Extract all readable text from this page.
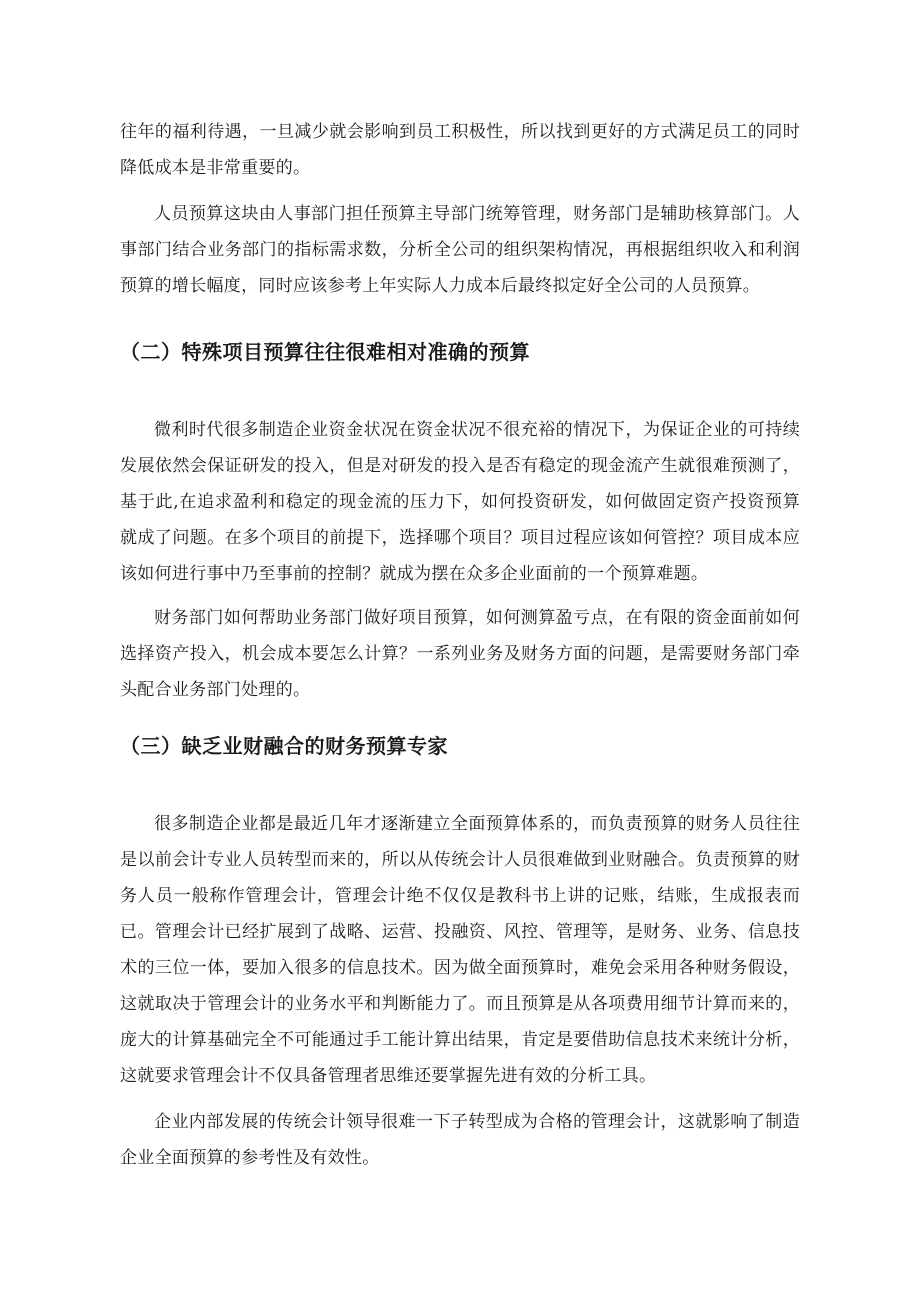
往年的福利待遇，一旦减少就会影响到员工积极性，所以找到更好的方式满足员工的同时降低成本是非常重要的。

人员预算这块由人事部门担任预算主导部门统筹管理，财务部门是辅助核算部门。人事部门结合业务部门的指标需求数，分析全公司的组织架构情况，再根据组织收入和利润预算的增长幅度，同时应该参考上年实际人力成本后最终拟定好全公司的人员预算。

（二）特殊项目预算往往很难相对准确的预算

微利时代很多制造企业资金状况在资金状况不很充裕的情况下，为保证企业的可持续发展依然会保证研发的投入，但是对研发的投入是否有稳定的现金流产生就很难预测了，基于此,在追求盈利和稳定的现金流的压力下，如何投资研发，如何做固定资产投资预算就成了问题。在多个项目的前提下，选择哪个项目？项目过程应该如何管控？项目成本应该如何进行事中乃至事前的控制？就成为摆在众多企业面前的一个预算难题。

财务部门如何帮助业务部门做好项目预算，如何测算盈亏点，在有限的资金面前如何选择资产投入，机会成本要怎么计算？一系列业务及财务方面的问题，是需要财务部门牵头配合业务部门处理的。

（三）缺乏业财融合的财务预算专家

很多制造企业都是最近几年才逐渐建立全面预算体系的，而负责预算的财务人员往往是以前会计专业人员转型而来的，所以从传统会计人员很难做到业财融合。负责预算的财务人员一般称作管理会计，管理会计绝不仅仅是教科书上讲的记账，结账，生成报表而已。管理会计已经扩展到了战略、运营、投融资、风控、管理等，是财务、业务、信息技术的三位一体，要加入很多的信息技术。因为做全面预算时，难免会采用各种财务假设，这就取决于管理会计的业务水平和判断能力了。而且预算是从各项费用细节计算而来的，庞大的计算基础完全不可能通过手工能计算出结果，肯定是要借助信息技术来统计分析，这就要求管理会计不仅具备管理者思维还要掌握先进有效的分析工具。

企业内部发展的传统会计领导很难一下子转型成为合格的管理会计，这就影响了制造企业全面预算的参考性及有效性。
